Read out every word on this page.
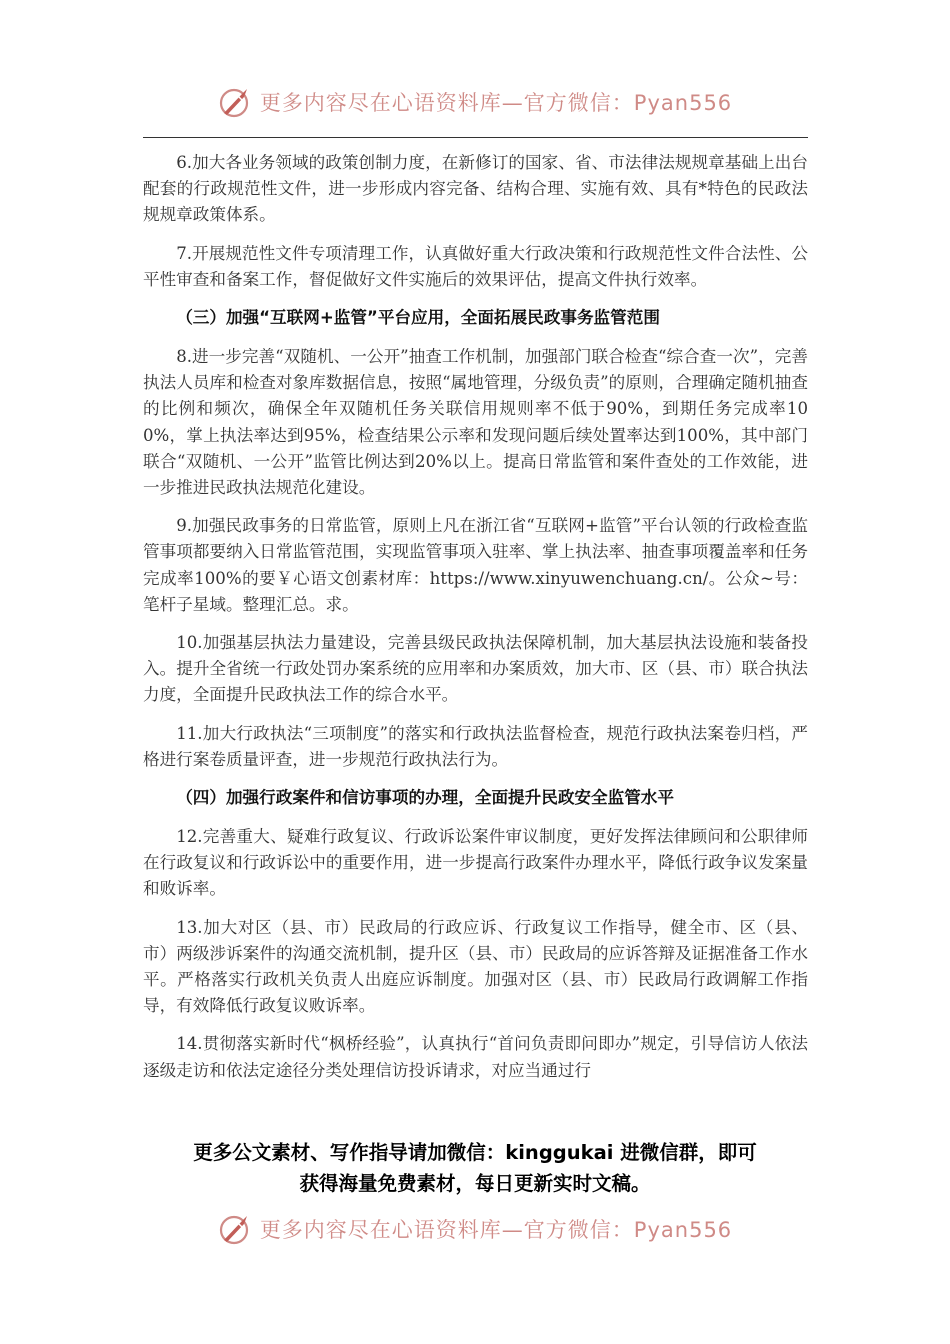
更多内容尽在心语资料库—官方微信：Pyan556

6.加大各业务领域的政策创制力度，在新修订的国家、省、市法律法规规章基础上出台配套的行政规范性文件，进一步形成内容完备、结构合理、实施有效、具有*特色的民政法规规章政策体系。

7.开展规范性文件专项清理工作，认真做好重大行政决策和行政规范性文件合法性、公平性审查和备案工作，督促做好文件实施后的效果评估，提高文件执行效率。

（三）加强“互联网+监管”平台应用，全面拓展民政事务监管范围

8.进一步完善“双随机、一公开”抽查工作机制，加强部门联合检查“综合查一次”，完善执法人员库和检查对象库数据信息，按照“属地管理，分级负责”的原则，合理确定随机抽查的比例和频次，确保全年双随机任务关联信用规则率不低于90%，到期任务完成率100%，掌上执法率达到95%，检查结果公示率和发现问题后续处置率达到100%，其中部门联合“双随机、一公开”监管比例达到20%以上。提高日常监管和案件查处的工作效能，进一步推进民政执法规范化建设。

9.加强民政事务的日常监管，原则上凡在浙江省“互联网+监管”平台认领的行政检查监管事项都要纳入日常监管范围，实现监管事项入驻率、掌上执法率、抽查事项覆盖率和任务完成率100%的要￥心语文创素材库：https://www.xinyuwenchuang.cn/。公众~号：笔杆子星域。整理汇总。求。

10.加强基层执法力量建设，完善县级民政执法保障机制，加大基层执法设施和装备投入。提升全省统一行政处罚办案系统的应用率和办案质效，加大市、区（县、市）联合执法力度，全面提升民政执法工作的综合水平。

11.加大行政执法“三项制度”的落实和行政执法监督检查，规范行政执法案卷归档，严格进行案卷质量评查，进一步规范行政执法行为。

（四）加强行政案件和信访事项的办理，全面提升民政安全监管水平

12.完善重大、疑难行政复议、行政诉讼案件审议制度，更好发挥法律顾问和公职律师在行政复议和行政诉讼中的重要作用，进一步提高行政案件办理水平，降低行政争议发案量和败诉率。

13.加大对区（县、市）民政局的行政应诉、行政复议工作指导，健全市、区（县、市）两级涉诉案件的沟通交流机制，提升区（县、市）民政局的应诉答辩及证据准备工作水平。严格落实行政机关负责人出庭应诉制度。加强对区（县、市）民政局行政调解工作指导，有效降低行政复议败诉率。

14.贯彻落实新时代“枫桥经验”，认真执行“首问负责即问即办”规定，引导信访人依法逐级走访和依法定途径分类处理信访投诉请求，对应当通过行

更多公文素材、写作指导请加微信：kinggukai 进微信群，即可
获得海量免费素材，每日更新实时文稿。
更多内容尽在心语资料库—官方微信：Pyan556
